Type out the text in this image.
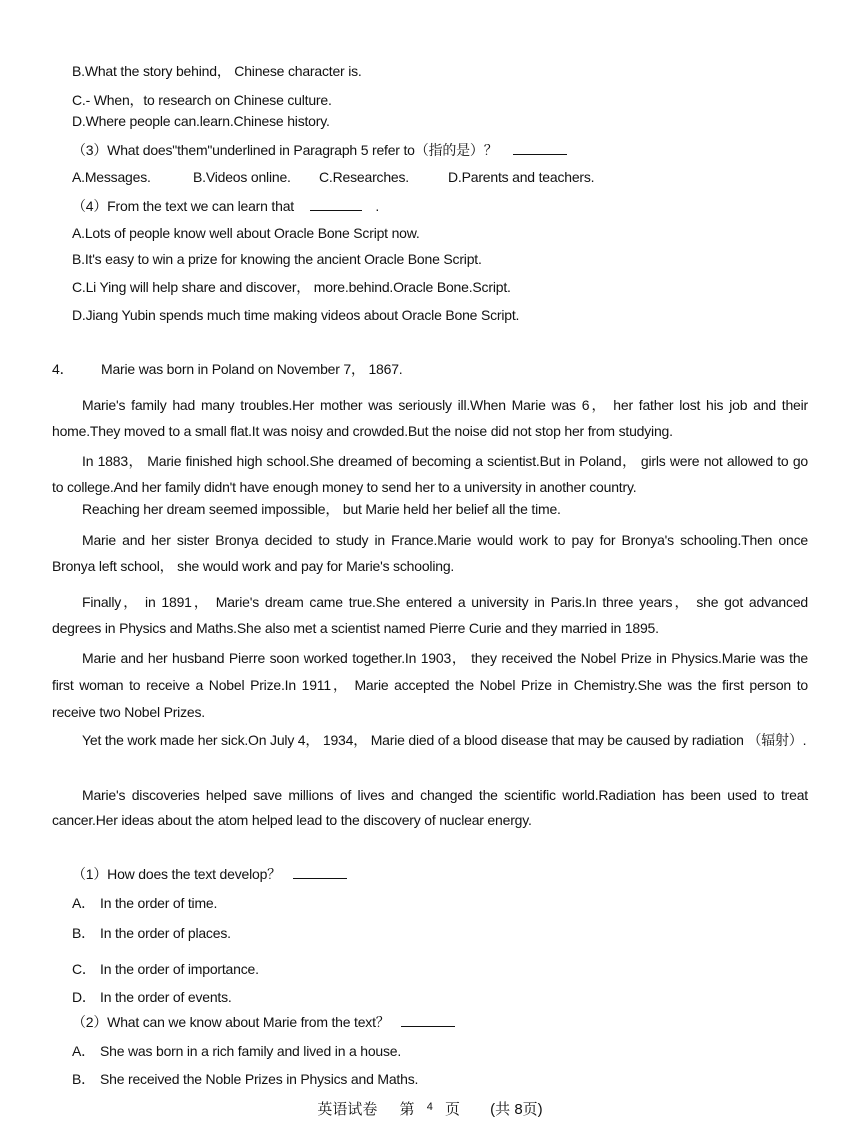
B.What the story behind， Chinese character is.
C.‐ When，to research on Chinese culture.
D.Where people can.learn.Chinese history.
（3）What does"them"underlined in Paragraph 5 refer to（指的是）？
A.Messages.	B.Videos online. C.Researches.	D.Parents and teachers.
（4）From the text we can learn that	.
A.Lots of people know well about Oracle Bone Script now.
B.It's easy to win a prize for knowing the ancient Oracle Bone Script.
C.Li Ying will help share and discover， more.behind.Oracle Bone.Script.
D.Jiang Yubin spends much time making videos about Oracle Bone Script.
4． Marie was born in Poland on November 7， 1867.
Marie's family had many troubles.Her mother was seriously ill.When Marie was 6， her father lost his job and their home.They moved to a small flat.It was noisy and crowded.But the noise did not stop her from studying.
In 1883， Marie finished high school.She dreamed of becoming a scientist.But in Poland， girls were not allowed to go to college.And her family didn't have enough money to send her to a university in another country.
Reaching her dream seemed impossible， but Marie held her belief all the time.
Marie and her sister Bronya decided to study in France.Marie would work to pay for Bronya's schooling.Then once Bronya left school， she would work and pay for Marie's schooling.
Finally， in 1891， Marie's dream came true.She entered a university in Paris.In three years， she got advanced degrees in Physics and Maths.She also met a scientist named Pierre Curie and they married in 1895.
Marie and her husband Pierre soon worked together.In 1903， they received the Nobel Prize in Physics.Marie was the first woman to receive a Nobel Prize.In 1911， Marie accepted the Nobel Prize in Chemistry.She was the first person to receive two Nobel Prizes.
Yet the work made her sick.On July 4， 1934， Marie died of a blood disease that may be caused by radiation （辐射）.
Marie's discoveries helped save millions of lives and changed the scientific world.Radiation has been used to treat cancer.Her ideas about the atom helped lead to the discovery of nuclear energy.
（1）How does the text develop？
A． In the order of time.
B． In the order of places.
C． In the order of importance.
D． In the order of events.
（2）What can we know about Marie from the text？
A． She was born in a rich family and lived in a house.
B． She received the Noble Prizes in Physics and Maths.
英语试卷 第 4 页 (共 8页)
